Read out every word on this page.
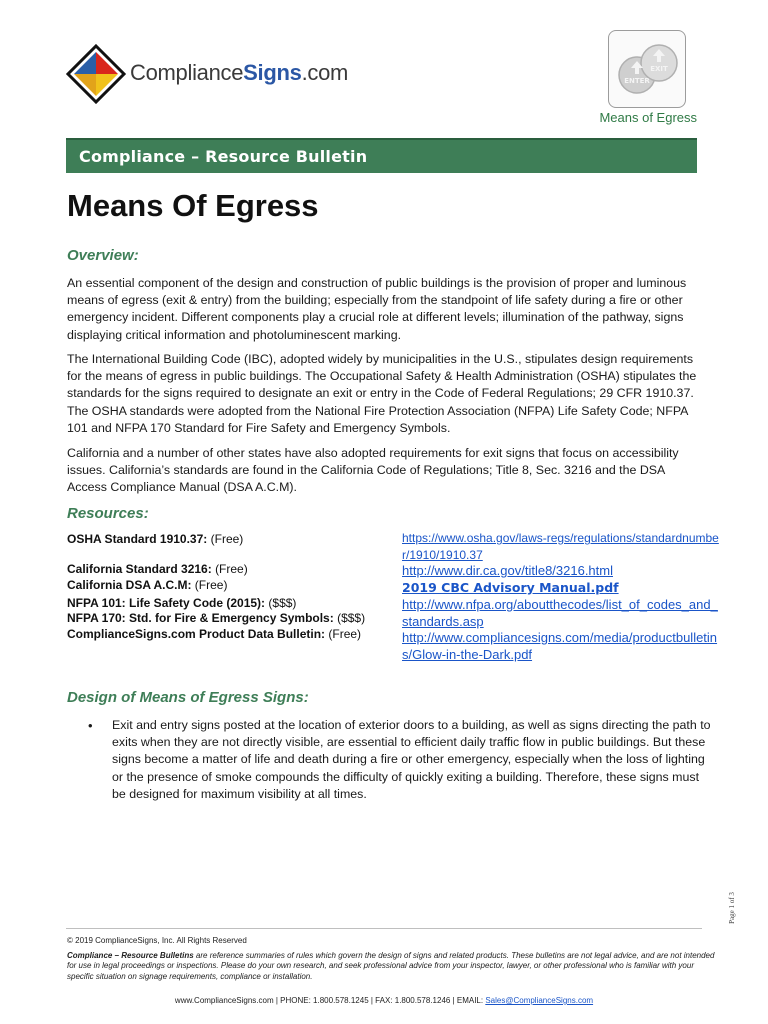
ComplianceSigns.com	ENTER
EXIT
Means of Egress
Compliance – Resource Bulletin
Means Of Egress
Overview:
An essential component of the design and construction of public buildings is the provision of proper and luminous means of egress (exit & entry) from the building; especially from the standpoint of life safety during a fire or other emergency incident. Different components play a crucial role at different levels; illumination of the pathway, signs displaying critical information and photoluminescent marking.
The International Building Code (IBC), adopted widely by municipalities in the U.S., stipulates design requirements for the means of egress in public buildings. The Occupational Safety & Health Administration (OSHA) stipulates the standards for the signs required to designate an exit or entry in the Code of Federal Regulations; 29 CFR 1910.37. The OSHA standards were adopted from the National Fire Protection Association (NFPA) Life Safety Code; NFPA 101 and NFPA 170 Standard for Fire Safety and Emergency Symbols.
California and a number of other states have also adopted requirements for exit signs that focus on accessibility issues. California’s standards are found in the California Code of Regulations; Title 8, Sec. 3216 and the DSA Access Compliance Manual (DSA A.C.M).
Resources:
OSHA Standard 1910.37: (Free)
California Standard 3216: (Free)
California DSA A.C.M: (Free)
NFPA 101: Life Safety Code (2015): ($$$)
NFPA 170: Std. for Fire & Emergency Symbols: ($$$)
ComplianceSigns.com Product Data Bulletin: (Free)
https://www.osha.gov/laws-regs/regulations/standardnumber/1910/1910.37
http://www.dir.ca.gov/title8/3216.html
2019 CBC Advisory Manual.pdf
http://www.nfpa.org/aboutthecodes/list_of_codes_and_standards.asp
http://www.compliancesigns.com/media/productbulletins/Glow-in-the-Dark.pdf
Design of Means of Egress Signs:
• Exit and entry signs posted at the location of exterior doors to a building, as well as signs directing the path to exits when they are not directly visible, are essential to efficient daily traffic flow in public buildings. But these signs become a matter of life and death during a fire or other emergency, especially when the loss of lighting or the presence of smoke compounds the difficulty of quickly exiting a building. Therefore, these signs must be designed for maximum visibility at all times.
Page 1 of 3
© 2019 ComplianceSigns, Inc. All Rights Reserved
Compliance – Resource Bulletins are reference summaries of rules which govern the design of signs and related products. These bulletins are not legal advice, and are not intended for use in legal proceedings or inspections. Please do your own research, and seek professional advice from your inspector, lawyer, or other professional who is familiar with your specific situation on signage requirements, compliance or installation.
www.ComplianceSigns.com | PHONE: 1.800.578.1245 | FAX: 1.800.578.1246 | EMAIL: Sales@ComplianceSigns.com
